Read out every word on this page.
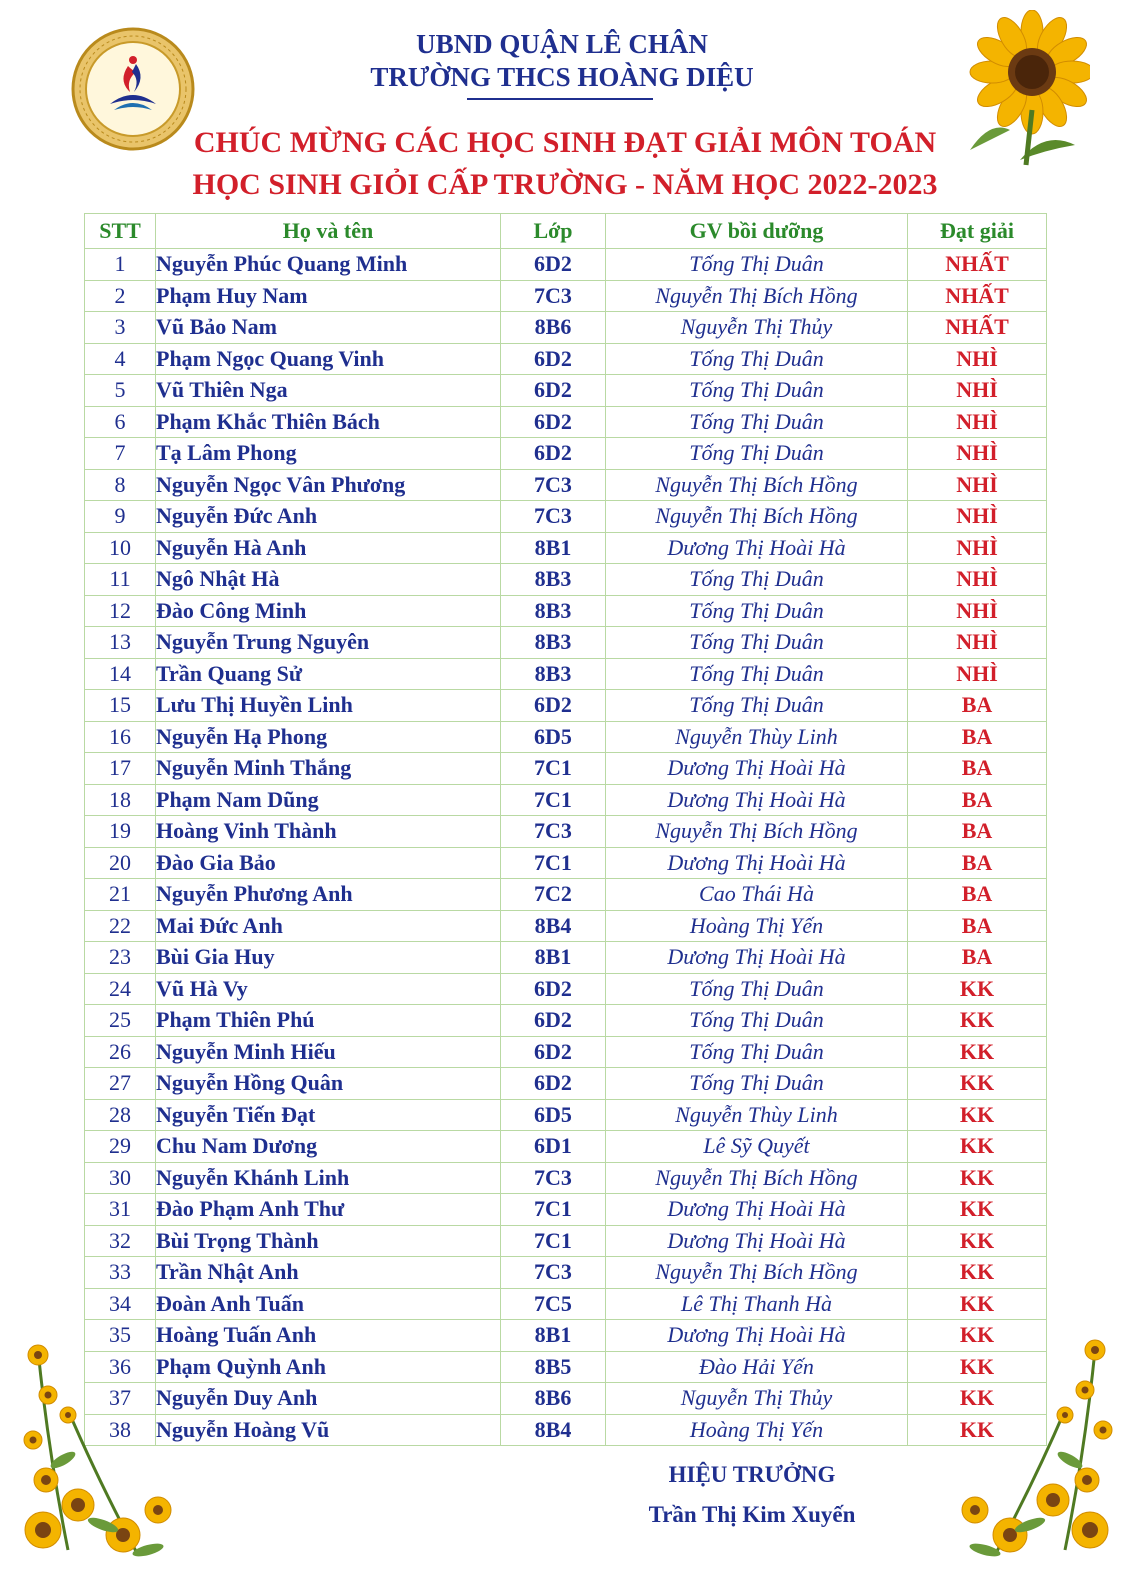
UBND QUẬN LÊ CHÂN
TRƯỜNG THCS HOÀNG DIỆU
CHÚC MỪNG CÁC HỌC SINH ĐẠT GIẢI MÔN TOÁN
HỌC SINH GIỎI CẤP TRƯỜNG - NĂM HỌC 2022-2023
STT	Họ và tên	Lớp	GV bồi dưỡng	Đạt giải
1	Nguyễn Phúc Quang Minh	6D2	Tống Thị Duân	NHẤT
2	Phạm Huy Nam	7C3	Nguyễn Thị Bích Hồng	NHẤT
3	Vũ Bảo Nam	8B6	Nguyễn Thị Thủy	NHẤT
4	Phạm Ngọc Quang Vinh	6D2	Tống Thị Duân	NHÌ
5	Vũ Thiên Nga	6D2	Tống Thị Duân	NHÌ
6	Phạm Khắc Thiên Bách	6D2	Tống Thị Duân	NHÌ
7	Tạ Lâm Phong	6D2	Tống Thị Duân	NHÌ
8	Nguyễn Ngọc Vân Phương	7C3	Nguyễn Thị Bích Hồng	NHÌ
9	Nguyễn Đức Anh	7C3	Nguyễn Thị Bích Hồng	NHÌ
10	Nguyễn Hà Anh	8B1	Dương Thị Hoài Hà	NHÌ
11	Ngô Nhật Hà	8B3	Tống Thị Duân	NHÌ
12	Đào Công Minh	8B3	Tống Thị Duân	NHÌ
13	Nguyễn Trung Nguyên	8B3	Tống Thị Duân	NHÌ
14	Trần Quang Sử	8B3	Tống Thị Duân	NHÌ
15	Lưu Thị Huyền Linh	6D2	Tống Thị Duân	BA
16	Nguyễn Hạ Phong	6D5	Nguyễn Thùy Linh	BA
17	Nguyễn Minh Thắng	7C1	Dương Thị Hoài Hà	BA
18	Phạm Nam Dũng	7C1	Dương Thị Hoài Hà	BA
19	Hoàng Vinh Thành	7C3	Nguyễn Thị Bích Hồng	BA
20	Đào Gia Bảo	7C1	Dương Thị Hoài Hà	BA
21	Nguyễn Phương Anh	7C2	Cao Thái Hà	BA
22	Mai Đức Anh	8B4	Hoàng Thị Yến	BA
23	Bùi Gia Huy	8B1	Dương Thị Hoài Hà	BA
24	Vũ Hà Vy	6D2	Tống Thị Duân	KK
25	Phạm Thiên Phú	6D2	Tống Thị Duân	KK
26	Nguyễn Minh Hiếu	6D2	Tống Thị Duân	KK
27	Nguyễn Hồng Quân	6D2	Tống Thị Duân	KK
28	Nguyễn Tiến Đạt	6D5	Nguyễn Thùy Linh	KK
29	Chu Nam Dương	6D1	Lê Sỹ Quyết	KK
30	Nguyễn Khánh Linh	7C3	Nguyễn Thị Bích Hồng	KK
31	Đào Phạm Anh Thư	7C1	Dương Thị Hoài Hà	KK
32	Bùi Trọng Thành	7C1	Dương Thị Hoài Hà	KK
33	Trần Nhật Anh	7C3	Nguyễn Thị Bích Hồng	KK
34	Đoàn Anh Tuấn	7C5	Lê Thị Thanh Hà	KK
35	Hoàng Tuấn Anh	8B1	Dương Thị Hoài Hà	KK
36	Phạm Quỳnh Anh	8B5	Đào Hải Yến	KK
37	Nguyễn Duy Anh	8B6	Nguyễn Thị Thủy	KK
38	Nguyễn Hoàng Vũ	8B4	Hoàng Thị Yến	KK
HIỆU TRƯỞNG
Trần Thị Kim Xuyến
